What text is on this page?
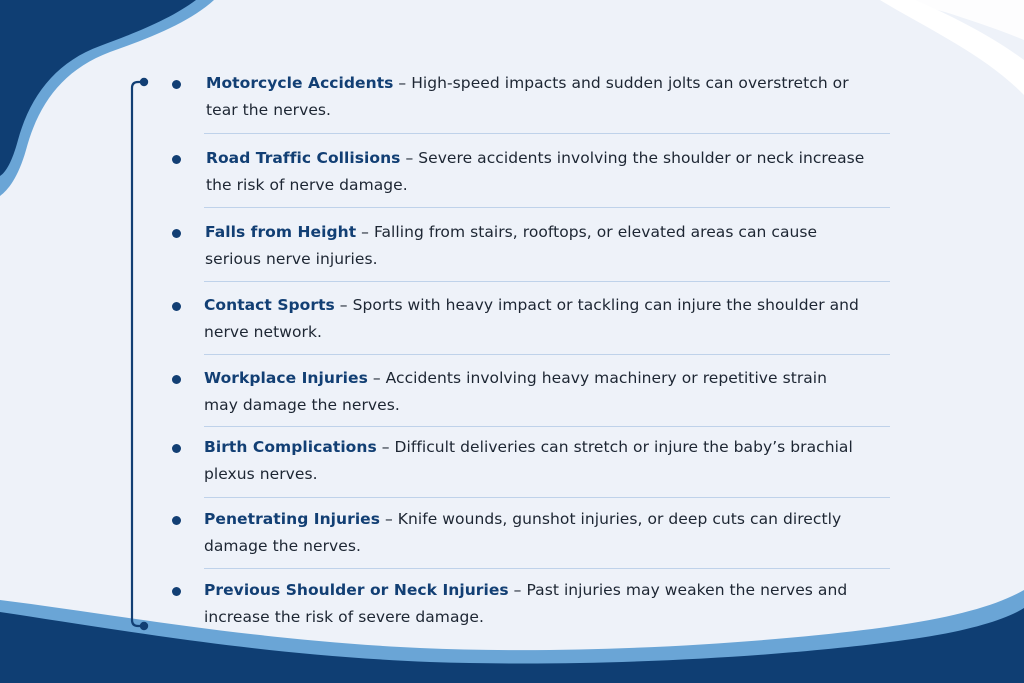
Motorcycle Accidents – High-speed impacts and sudden jolts can overstretch or tear the nerves.
Road Traffic Collisions – Severe accidents involving the shoulder or neck increase the risk of nerve damage.
Falls from Height – Falling from stairs, rooftops, or elevated areas can cause serious nerve injuries.
Contact Sports – Sports with heavy impact or tackling can injure the shoulder and nerve network.
Workplace Injuries – Accidents involving heavy machinery or repetitive strain may damage the nerves.
Birth Complications – Difficult deliveries can stretch or injure the baby’s brachial plexus nerves.
Penetrating Injuries – Knife wounds, gunshot injuries, or deep cuts can directly damage the nerves.
Previous Shoulder or Neck Injuries – Past injuries may weaken the nerves and increase the risk of severe damage.
